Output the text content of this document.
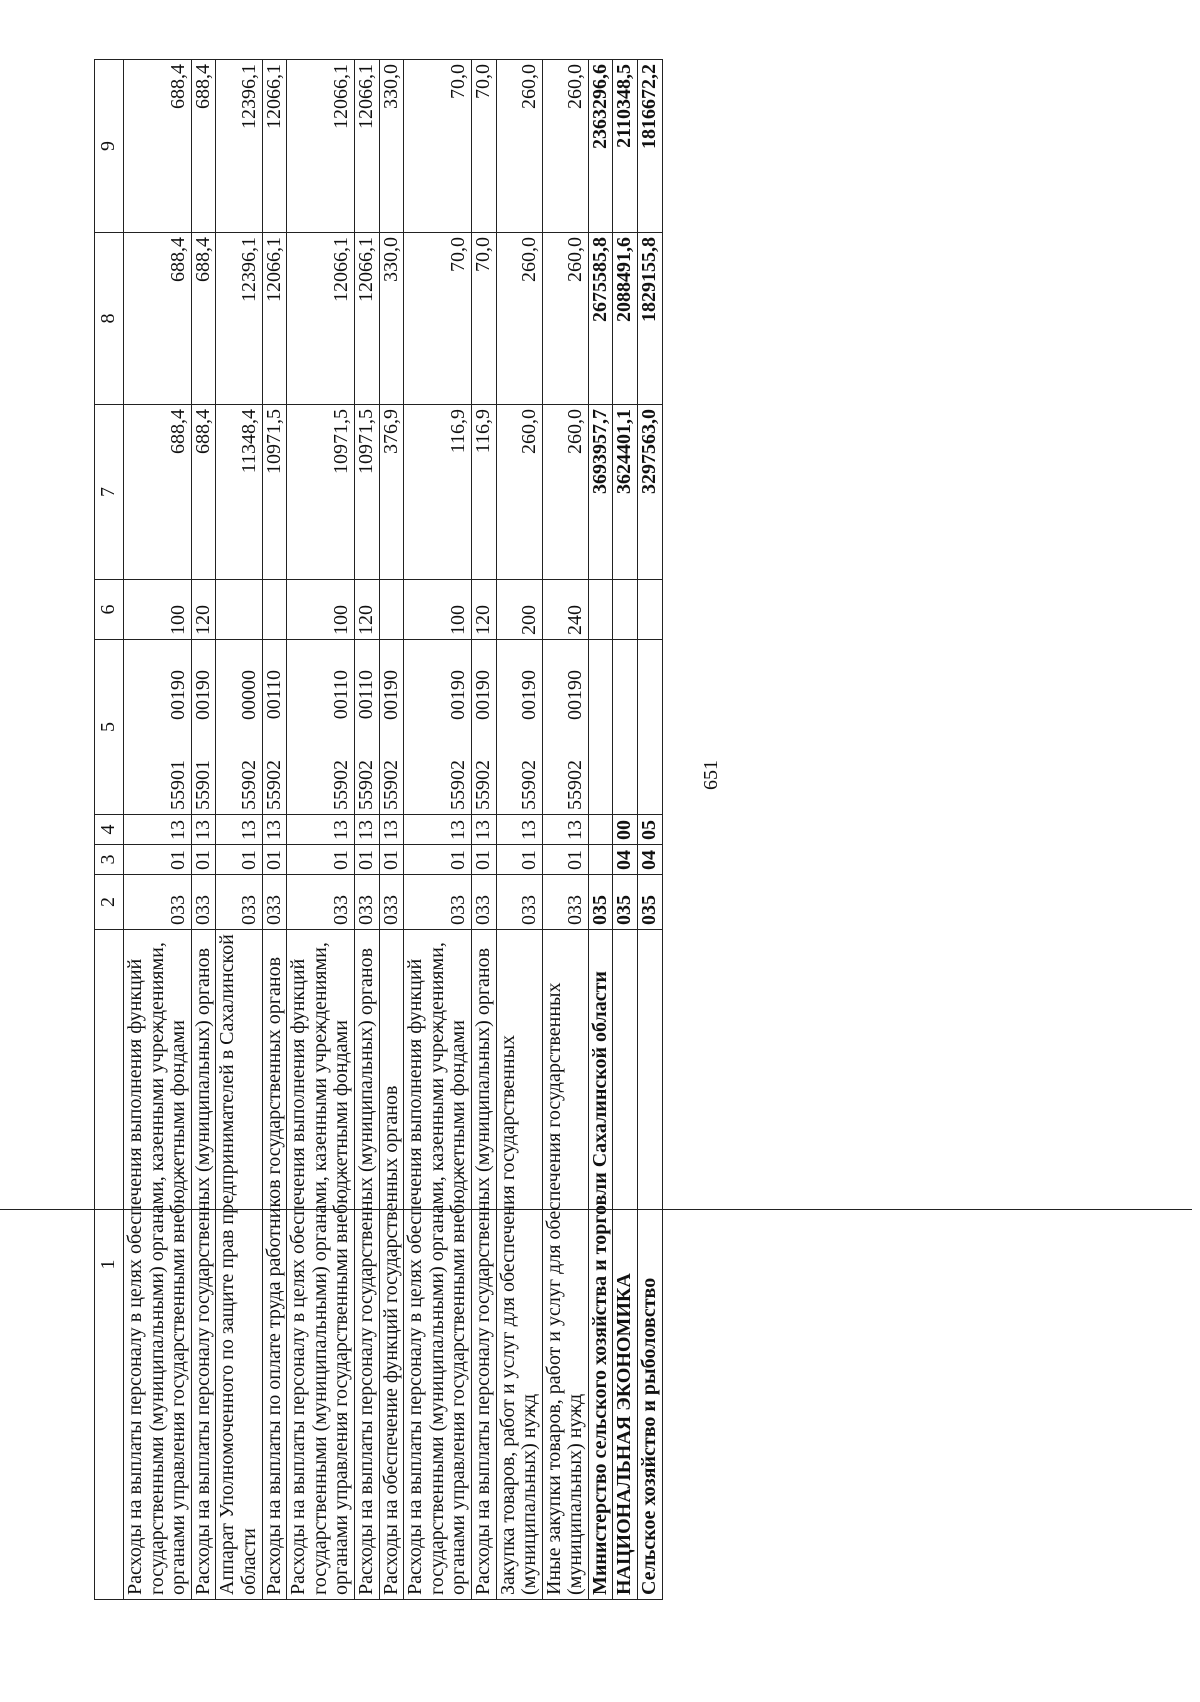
651
1	2	3	4	5	6	7	8	9
Расходы на выплаты персоналу в целях обеспечения выполнения функций государственными (муниципальными) органами, казенными учреждениями, органами управления государственными внебюджетными фондами	033	01	13	5590100190	100	688,4	688,4	688,4
Расходы на выплаты персоналу государственных (муниципальных) органов	033	01	13	5590100190	120	688,4	688,4	688,4
Аппарат Уполномоченного по защите прав предпринимателей в Сахалинской области	033	01	13	5590200000		11348,4	12396,1	12396,1
Расходы на выплаты по оплате труда работников государственных органов	033	01	13	5590200110		10971,5	12066,1	12066,1
Расходы на выплаты персоналу в целях обеспечения выполнения функций государственными (муниципальными) органами, казенными учреждениями, органами управления государственными внебюджетными фондами	033	01	13	5590200110	100	10971,5	12066,1	12066,1
Расходы на выплаты персоналу государственных (муниципальных) органов	033	01	13	5590200110	120	10971,5	12066,1	12066,1
Расходы на обеспечение функций государственных органов	033	01	13	5590200190		376,9	330,0	330,0
Расходы на выплаты персоналу в целях обеспечения выполнения функций государственными (муниципальными) органами, казенными учреждениями, органами управления государственными внебюджетными фондами	033	01	13	5590200190	100	116,9	70,0	70,0
Расходы на выплаты персоналу государственных (муниципальных) органов	033	01	13	5590200190	120	116,9	70,0	70,0
Закупка товаров, работ и услуг для обеспечения государственных (муниципальных) нужд	033	01	13	5590200190	200	260,0	260,0	260,0
Иные закупки товаров, работ и услуг для обеспечения государственных (муниципальных) нужд	033	01	13	5590200190	240	260,0	260,0	260,0
Министерство сельского хозяйства и торговли Сахалинской области	035					3693957,7	2675585,8	2363296,6
НАЦИОНАЛЬНАЯ ЭКОНОМИКА	035	04	00			3624401,1	2088491,6	2110348,5
Сельское хозяйство и рыболовство	035	04	05			3297563,0	1829155,8	1816672,2
